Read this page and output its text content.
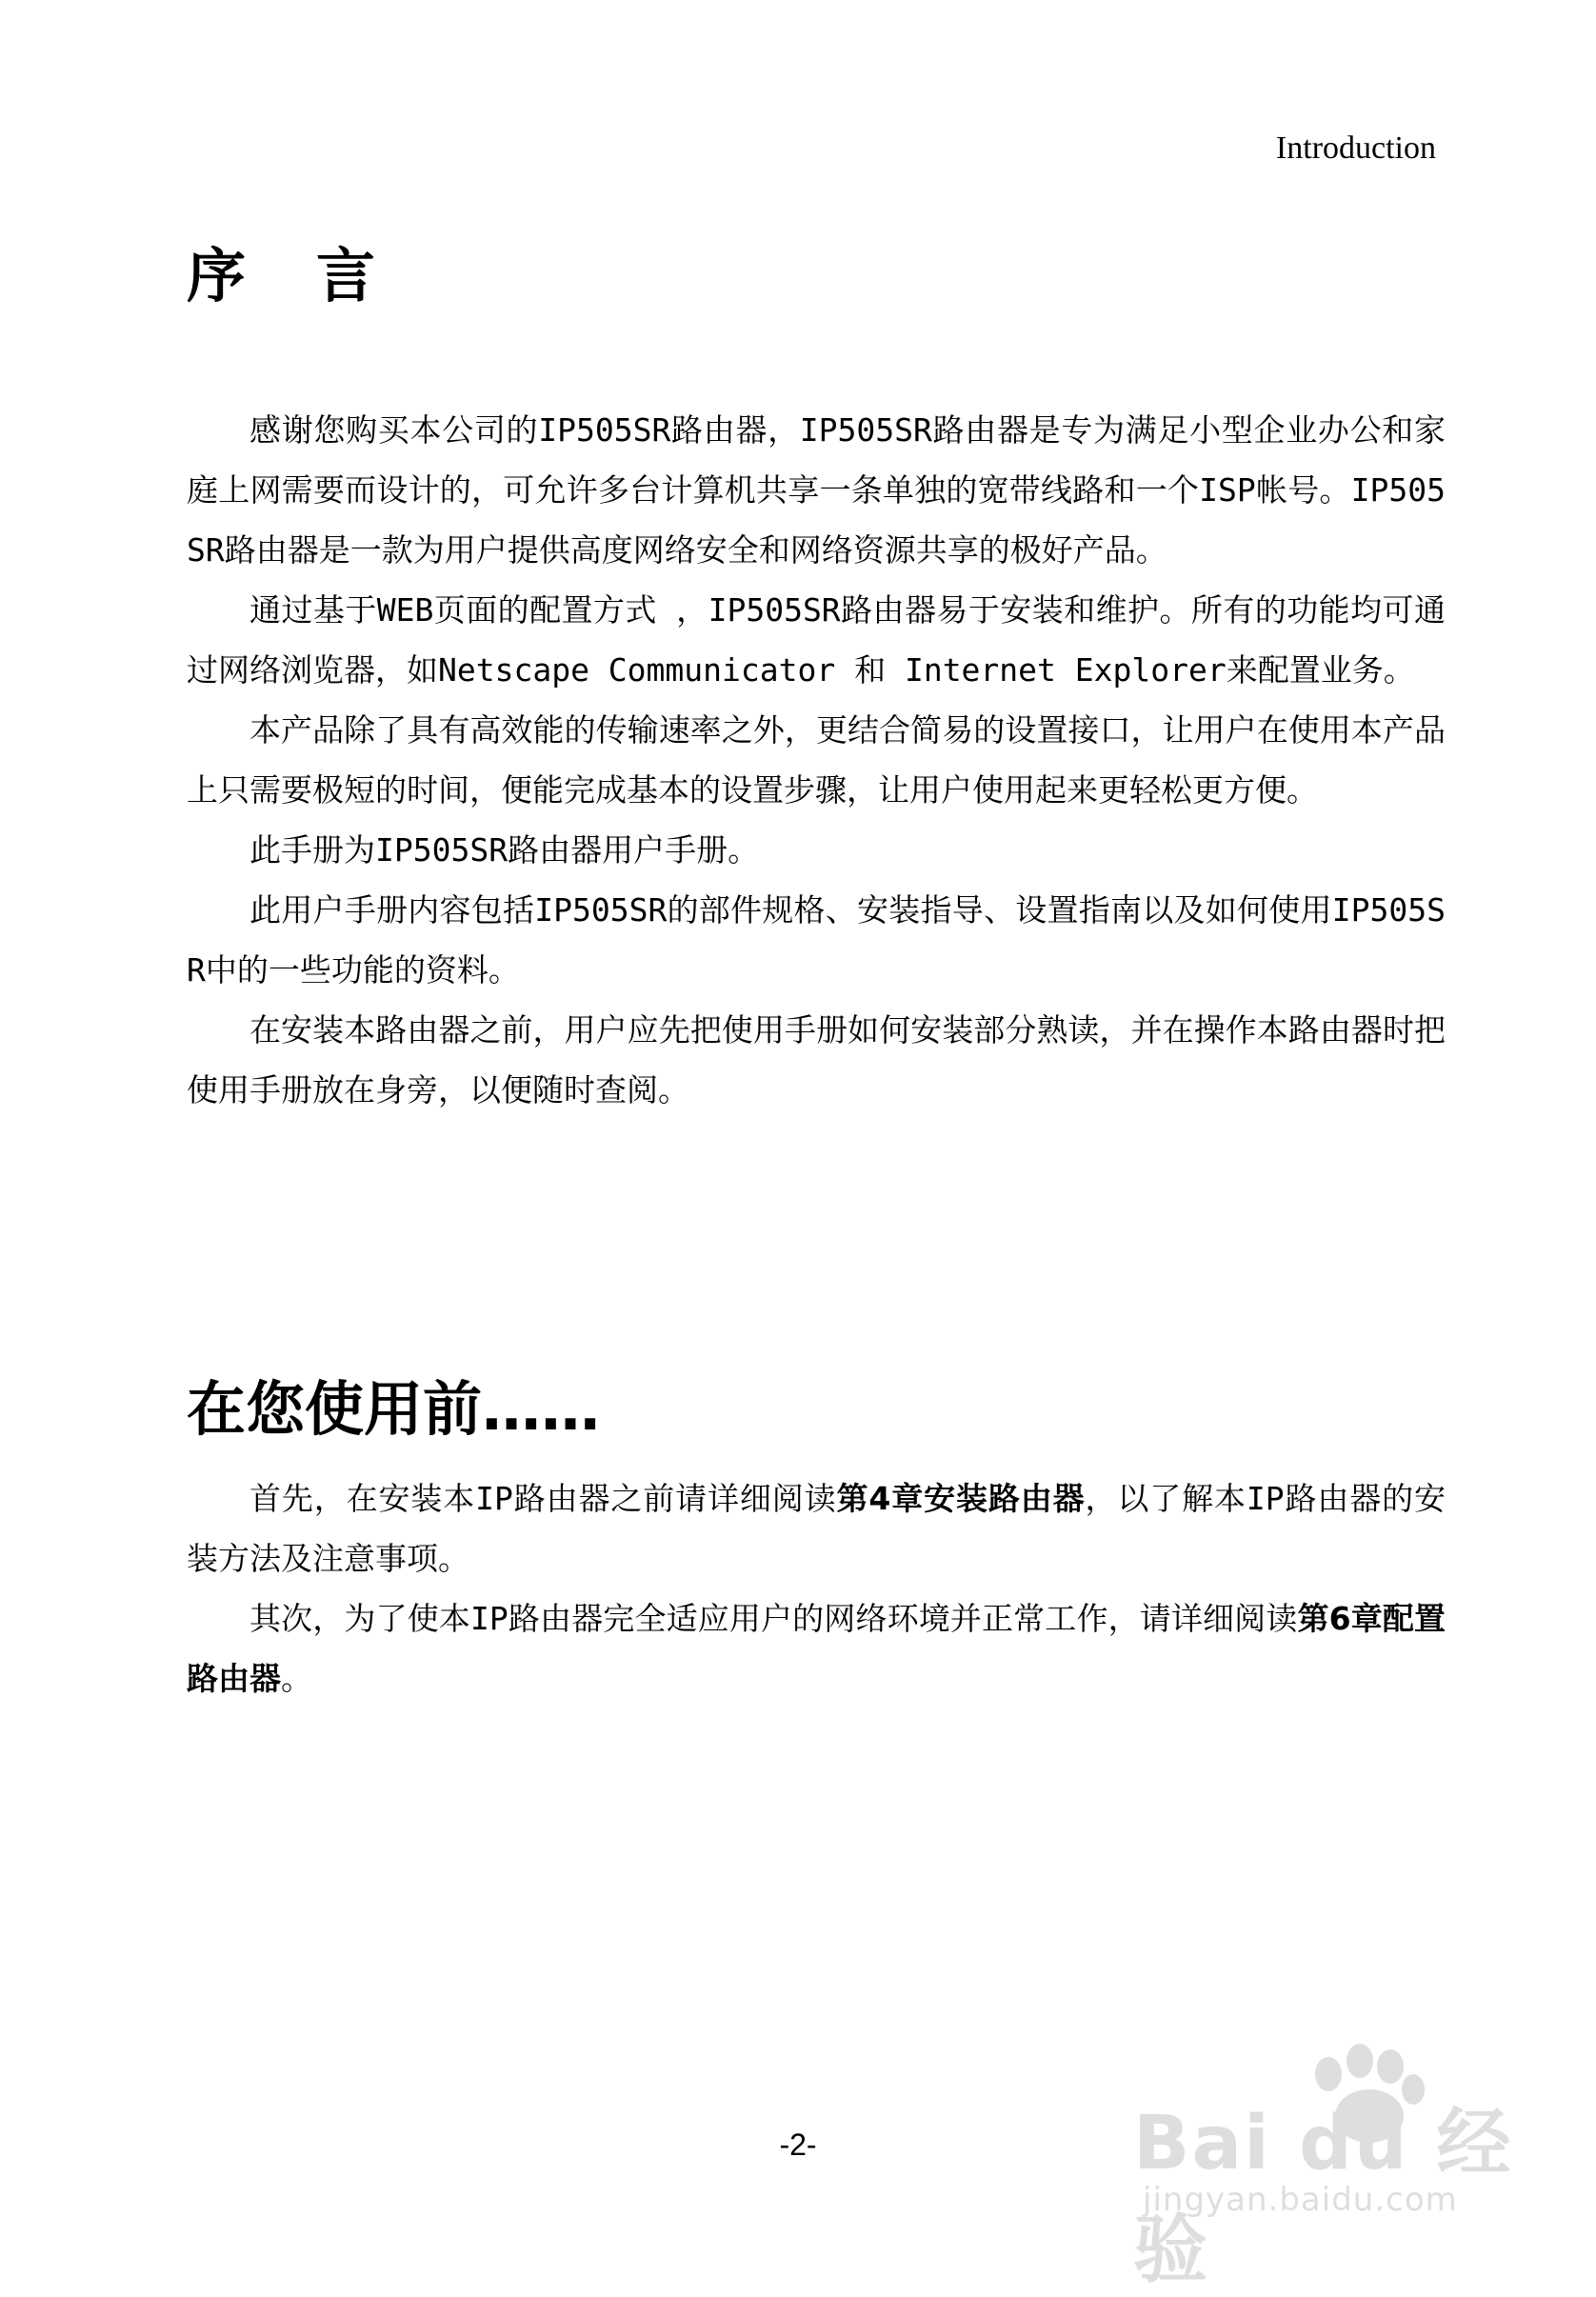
Introduction
序　言

感谢您购买本公司的IP505SR路由器，IP505SR路由器是专为满足小型企业办公和家庭上网需要而设计的，可允许多台计算机共享一条单独的宽带线路和一个ISP帐号。IP505SR路由器是一款为用户提供高度网络安全和网络资源共享的极好产品。

通过基于WEB页面的配置方式 ，IP505SR路由器易于安装和维护。所有的功能均可通过网络浏览器，如Netscape Communicator 和 Internet Explorer来配置业务。

本产品除了具有高效能的传输速率之外，更结合简易的设置接口，让用户在使用本产品上只需要极短的时间，便能完成基本的设置步骤，让用户使用起来更轻松更方便。

此手册为IP505SR路由器用户手册。

此用户手册内容包括IP505SR的部件规格、安装指导、设置指南以及如何使用IP505SR中的一些功能的资料。

在安装本路由器之前，用户应先把使用手册如何安装部分熟读，并在操作本路由器时把使用手册放在身旁，以便随时查阅。

在您使用前……

首先，在安装本IP路由器之前请详细阅读第4章安装路由器，以了解本IP路由器的安装方法及注意事项。

其次，为了使本IP路由器完全适应用户的网络环境并正常工作，请详细阅读第6章配置路由器。

-2-	Bai du 经验
jingyan.baidu.com
